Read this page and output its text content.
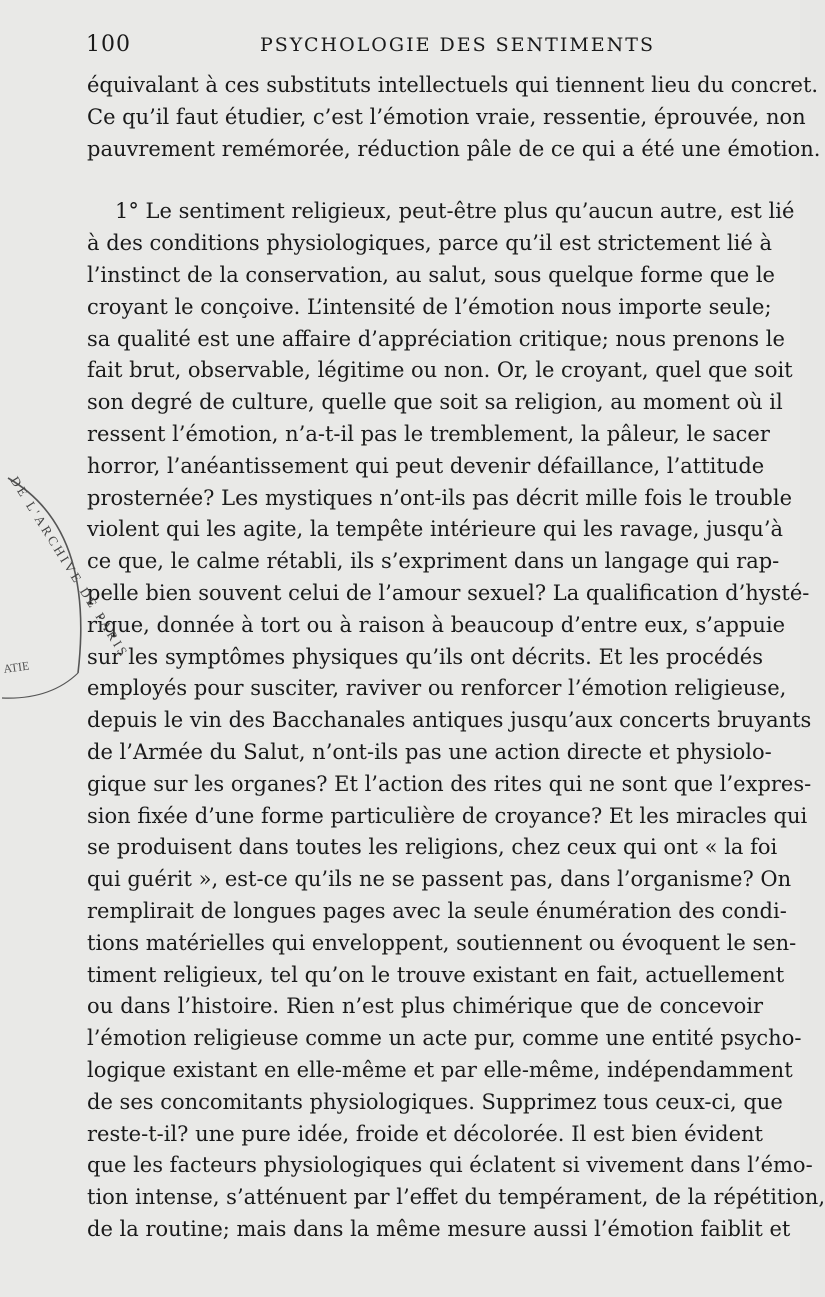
100	PSYCHOLOGIE DES SENTIMENTS
équivalant à ces substituts intellectuels qui tiennent lieu du concret.
Ce qu’il faut étudier, c’est l’émotion vraie, ressentie, éprouvée, non
pauvrement remémorée, réduction pâle de ce qui a été une émotion.
1° Le sentiment religieux, peut-être plus qu’aucun autre, est lié
à des conditions physiologiques, parce qu’il est strictement lié à
l’instinct de la conservation, au salut, sous quelque forme que le
croyant le conçoive. L’intensité de l’émotion nous importe seule;
sa qualité est une affaire d’appréciation critique; nous prenons le
fait brut, observable, légitime ou non. Or, le croyant, quel que soit
son degré de culture, quelle que soit sa religion, au moment où il
ressent l’émotion, n’a-t-il pas le tremblement, la pâleur, le sacer
horror, l’anéantissement qui peut devenir défaillance, l’attitude
prosternée? Les mystiques n’ont-ils pas décrit mille fois le trouble
violent qui les agite, la tempête intérieure qui les ravage, jusqu’à
ce que, le calme rétabli, ils s’expriment dans un langage qui rap-
pelle bien souvent celui de l’amour sexuel? La qualification d’hysté-
rique, donnée à tort ou à raison à beaucoup d’entre eux, s’appuie
sur les symptômes physiques qu’ils ont décrits. Et les procédés
employés pour susciter, raviver ou renforcer l’émotion religieuse,
depuis le vin des Bacchanales antiques jusqu’aux concerts bruyants
de l’Armée du Salut, n’ont-ils pas une action directe et physiolo-
gique sur les organes? Et l’action des rites qui ne sont que l’expres-
sion fixée d’une forme particulière de croyance? Et les miracles qui
se produisent dans toutes les religions, chez ceux qui ont « la foi
qui guérit », est-ce qu’ils ne se passent pas, dans l’organisme? On
remplirait de longues pages avec la seule énumération des condi-
tions matérielles qui enveloppent, soutiennent ou évoquent le sen-
timent religieux, tel qu’on le trouve existant en fait, actuellement
ou dans l’histoire. Rien n’est plus chimérique que de concevoir
l’émotion religieuse comme un acte pur, comme une entité psycho-
logique existant en elle-même et par elle-même, indépendamment
de ses concomitants physiologiques. Supprimez tous ceux-ci, que
reste-t-il? une pure idée, froide et décolorée. Il est bien évident
que les facteurs physiologiques qui éclatent si vivement dans l’émo-
tion intense, s’atténuent par l’effet du tempérament, de la répétition,
de la routine; mais dans la même mesure aussi l’émotion faiblit et
DE L'ARCHIVE DE PARIS
ATIE
